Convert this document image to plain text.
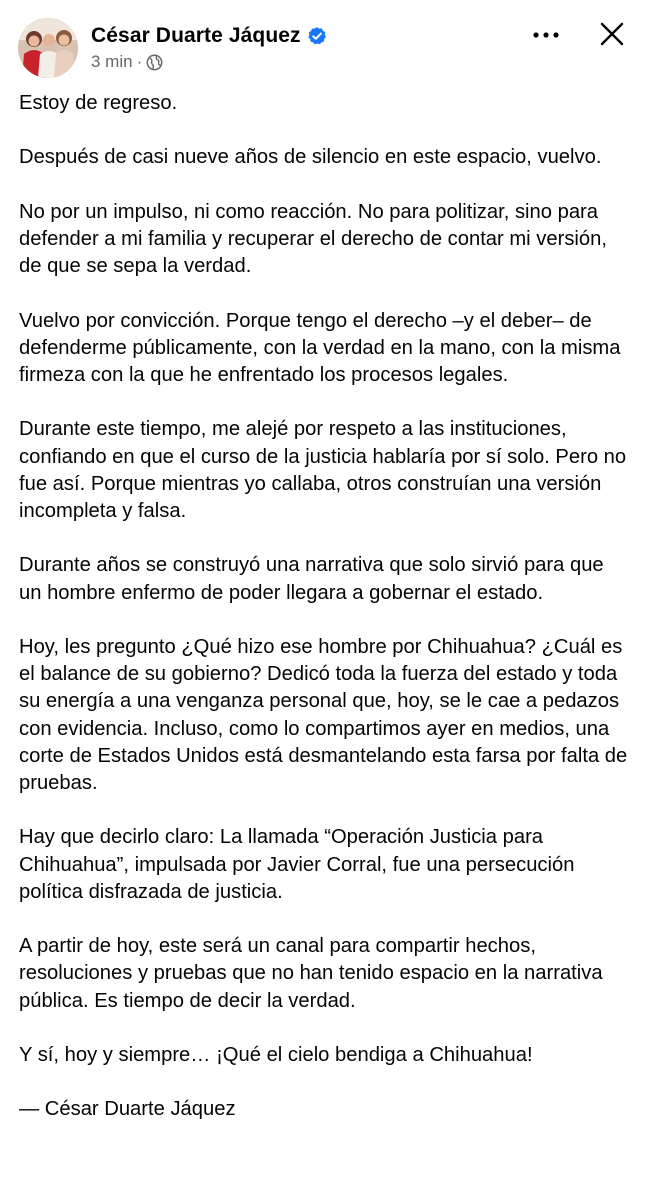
César Duarte Jáquez
3 min ·

Estoy de regreso.

Después de casi nueve años de silencio en este espacio, vuelvo.

No por un impulso, ni como reacción. No para politizar, sino para defender a mi familia y recuperar el derecho de contar mi versión, de que se sepa la verdad.

Vuelvo por convicción. Porque tengo el derecho –y el deber– de defenderme públicamente, con la verdad en la mano, con la misma firmeza con la que he enfrentado los procesos legales.

Durante este tiempo, me alejé por respeto a las instituciones, confiando en que el curso de la justicia hablaría por sí solo. Pero no fue así. Porque mientras yo callaba, otros construían una versión incompleta y falsa.

Durante años se construyó una narrativa que solo sirvió para que un hombre enfermo de poder llegara a gobernar el estado.

Hoy, les pregunto ¿Qué hizo ese hombre por Chihuahua? ¿Cuál es el balance de su gobierno? Dedicó toda la fuerza del estado y toda su energía a una venganza personal que, hoy, se le cae a pedazos con evidencia. Incluso, como lo compartimos ayer en medios, una corte de Estados Unidos está desmantelando esta farsa por falta de pruebas.

Hay que decirlo claro: La llamada “Operación Justicia para Chihuahua”, impulsada por Javier Corral, fue una persecución política disfrazada de justicia.

A partir de hoy, este será un canal para compartir hechos, resoluciones y pruebas que no han tenido espacio en la narrativa pública. Es tiempo de decir la verdad.

Y sí, hoy y siempre… ¡Qué el cielo bendiga a Chihuahua!

— César Duarte Jáquez
